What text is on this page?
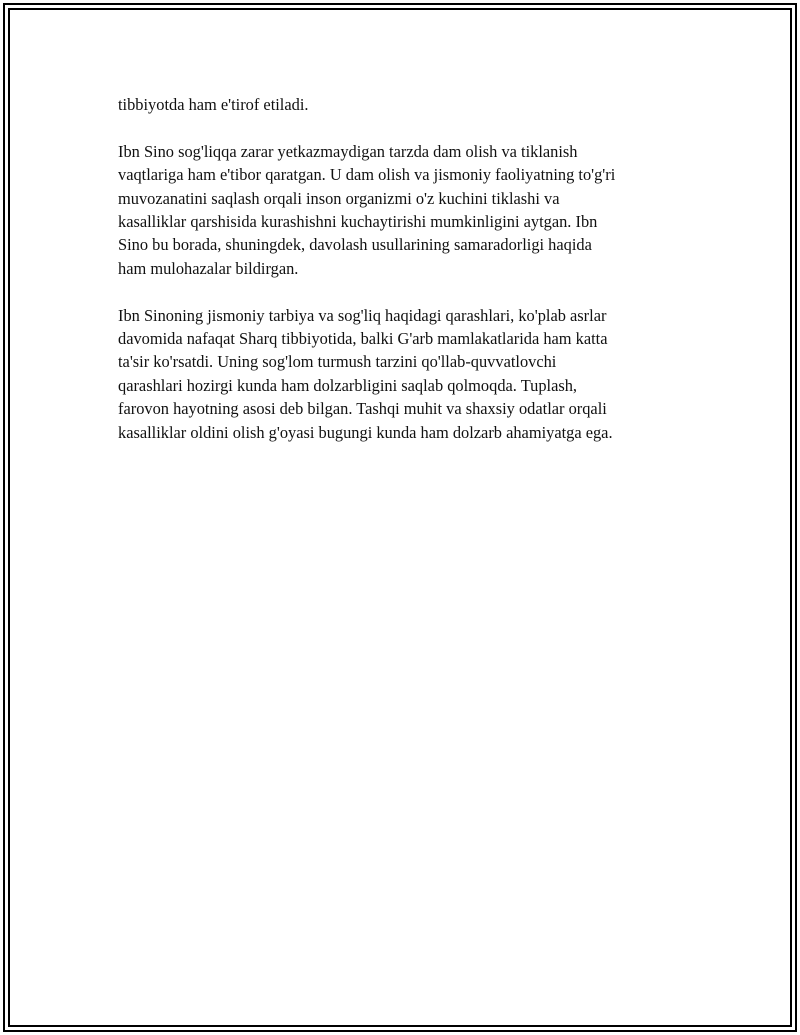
tibbiyotda ham e'tirof etiladi.

Ibn Sino sog'liqqa zarar yetkazmaydigan tarzda dam olish va tiklanish
vaqtlariga ham e'tibor qaratgan. U dam olish va jismoniy faoliyatning to'g'ri
muvozanatini saqlash orqali inson organizmi o'z kuchini tiklashi va
kasalliklar qarshisida kurashishni kuchaytirishi mumkinligini aytgan. Ibn
Sino bu borada, shuningdek, davolash usullarining samaradorligi haqida
ham mulohazalar bildirgan.

Ibn Sinoning jismoniy tarbiya va sog'liq haqidagi qarashlari, ko'plab asrlar
davomida nafaqat Sharq tibbiyotida, balki G'arb mamlakatlarida ham katta
ta'sir ko'rsatdi. Uning sog'lom turmush tarzini qo'llab-quvvatlovchi
qarashlari hozirgi kunda ham dolzarbligini saqlab qolmoqda. Tuplash,
farovon hayotning asosi deb bilgan. Tashqi muhit va shaxsiy odatlar orqali
kasalliklar oldini olish g'oyasi bugungi kunda ham dolzarb ahamiyatga ega.
